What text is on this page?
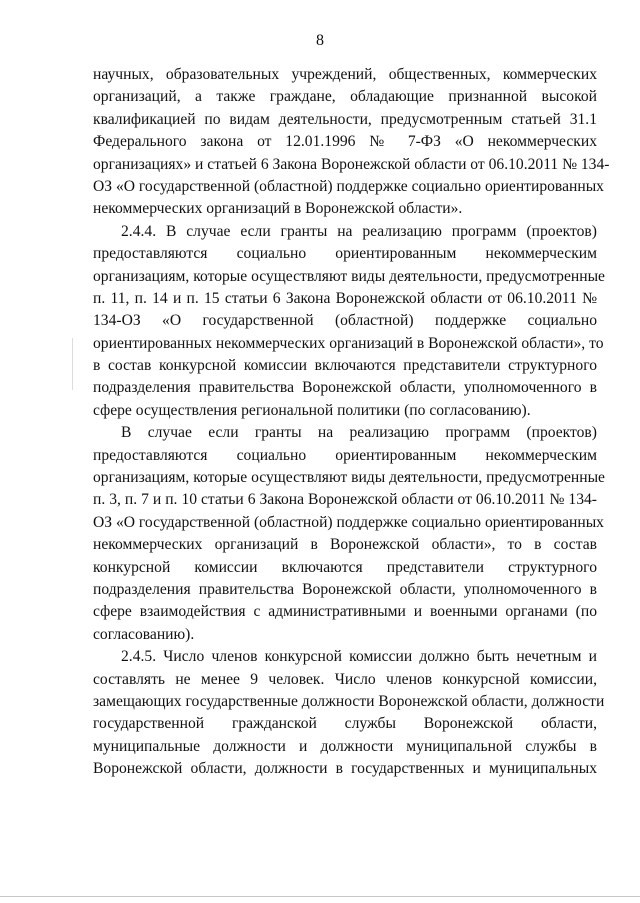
8
научных, образовательных учреждений, общественных, коммерческих
организаций, а также граждане, обладающие признанной высокой
квалификацией по видам деятельности, предусмотренным статьей 31.1
Федерального закона от 12.01.1996 № 7-ФЗ «О некоммерческих
организациях» и статьей 6 Закона Воронежской области от 06.10.2011 № 134-
ОЗ «О государственной (областной) поддержке социально ориентированных
некоммерческих организаций в Воронежской области».
2.4.4. В случае если гранты на реализацию программ (проектов)
предоставляются социально ориентированным некоммерческим
организациям, которые осуществляют виды деятельности, предусмотренные
п. 11, п. 14 и п. 15 статьи 6 Закона Воронежской области от 06.10.2011 №
134-ОЗ «О государственной (областной) поддержке социально
ориентированных некоммерческих организаций в Воронежской области», то
в состав конкурсной комиссии включаются представители структурного
подразделения правительства Воронежской области, уполномоченного в
сфере осуществления региональной политики (по согласованию).
В случае если гранты на реализацию программ (проектов)
предоставляются социально ориентированным некоммерческим
организациям, которые осуществляют виды деятельности, предусмотренные
п. 3, п. 7 и п. 10 статьи 6 Закона Воронежской области от 06.10.2011 № 134-
ОЗ «О государственной (областной) поддержке социально ориентированных
некоммерческих организаций в Воронежской области», то в состав
конкурсной комиссии включаются представители структурного
подразделения правительства Воронежской области, уполномоченного в
сфере взаимодействия с административными и военными органами (по
согласованию).
2.4.5. Число членов конкурсной комиссии должно быть нечетным и
составлять не менее 9 человек. Число членов конкурсной комиссии,
замещающих государственные должности Воронежской области, должности
государственной гражданской службы Воронежской области,
муниципальные должности и должности муниципальной службы в
Воронежской области, должности в государственных и муниципальных
